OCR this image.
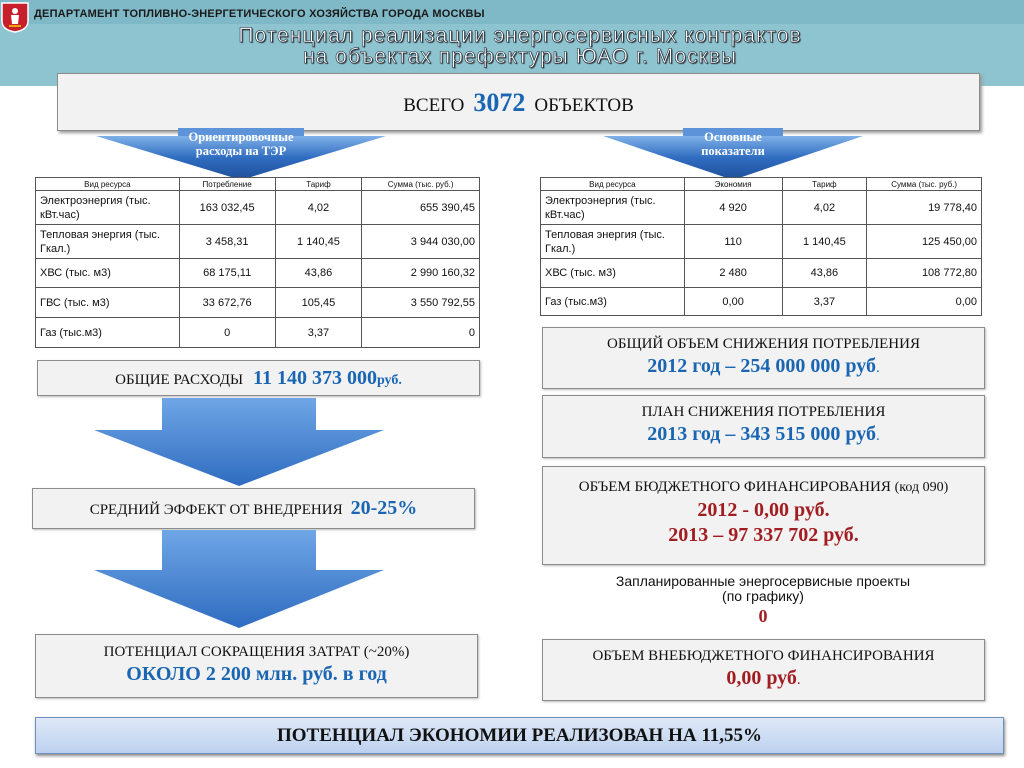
ДЕПАРТАМЕНТ ТОПЛИВНО-ЭНЕРГЕТИЧЕСКОГО ХОЗЯЙСТВА ГОРОДА МОСКВЫ
Потенциал реализации энергосервисных контрактов
на объектах префектуры ЮАО г. Москвы
ВСЕГО 3072 ОБЪЕКТОВ
Ориентировочные
расходы на ТЭР
Основные
показатели
Вид ресурса	Потребление	Тариф	Сумма (тыс. руб.)
Электроэнергия (тыс. кВт.час)	163 032,45	4,02	655 390,45
Тепловая энергия (тыс. Гкал.)	3 458,31	1 140,45	3 944 030,00
ХВС (тыс. м3)	68 175,11	43,86	2 990 160,32
ГВС (тыс. м3)	33 672,76	105,45	3 550 792,55
Газ (тыс.м3)	0	3,37	0
Вид ресурса	Экономия	Тариф	Сумма (тыс. руб.)
Электроэнергия (тыс. кВт.час)	4 920	4,02	19 778,40
Тепловая энергия (тыс. Гкал.)	110	1 140,45	125 450,00
ХВС (тыс. м3)	2 480	43,86	108 772,80
Газ (тыс.м3)	0,00	3,37	0,00
ОБЩИЕ РАСХОДЫ 11 140 373 000руб.
СРЕДНИЙ ЭФФЕКТ ОТ ВНЕДРЕНИЯ 20-25%
ПОТЕНЦИАЛ СОКРАЩЕНИЯ ЗАТРАТ (~20%)
ОКОЛО 2 200 млн. руб. в год
ОБЩИЙ ОБЪЕМ СНИЖЕНИЯ ПОТРЕБЛЕНИЯ
2012 год – 254 000 000 руб.
ПЛАН СНИЖЕНИЯ ПОТРЕБЛЕНИЯ
2013 год – 343 515 000 руб.
ОБЪЕМ БЮДЖЕТНОГО ФИНАНСИРОВАНИЯ (код 090)
2012 - 0,00 руб.
2013 – 97 337 702 руб.
Запланированные энергосервисные проекты
(по графику)
0
ОБЪЕМ ВНЕБЮДЖЕТНОГО ФИНАНСИРОВАНИЯ
0,00 руб.
ПОТЕНЦИАЛ ЭКОНОМИИ РЕАЛИЗОВАН НА 11,55%
